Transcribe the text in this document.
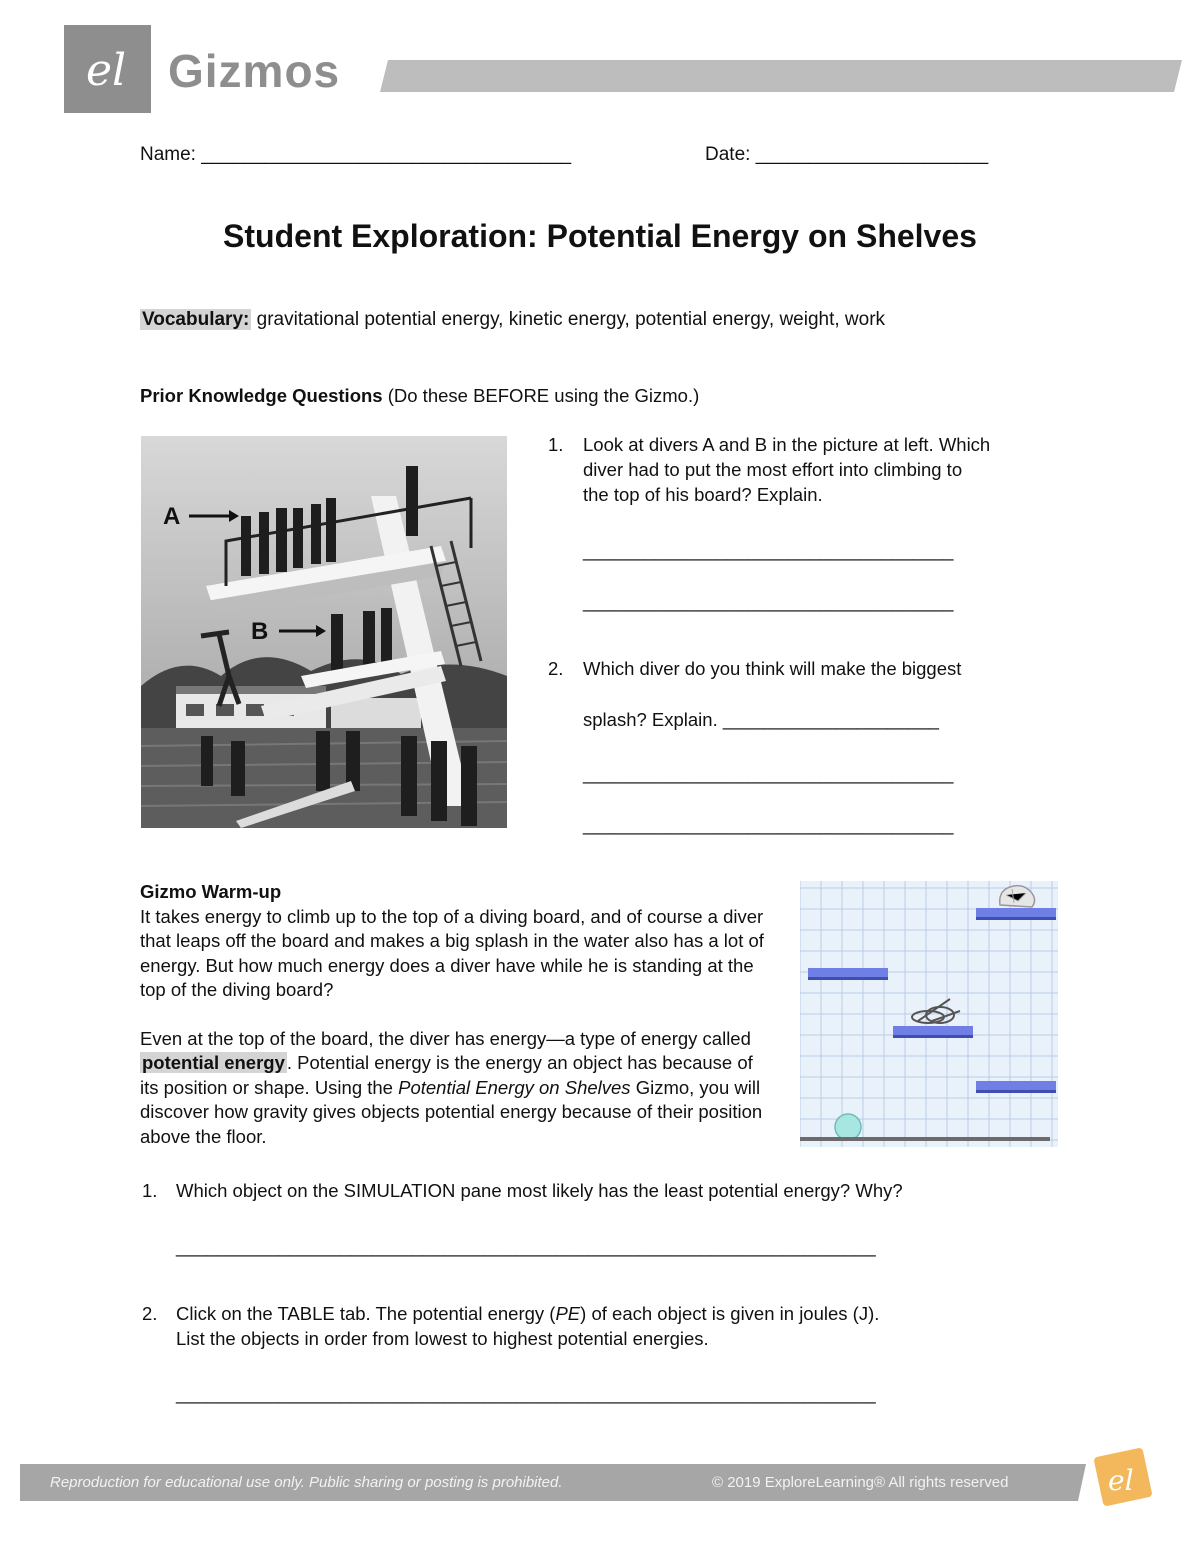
el Gizmos
Name: ___________________________________	Date: ______________________
Student Exploration: Potential Energy on Shelves
Vocabulary: gravitational potential energy, kinetic energy, potential energy, weight, work
Prior Knowledge Questions (Do these BEFORE using the Gizmo.)
A
B
1. Look at divers A and B in the picture at left. Which
diver had to put the most effort into climbing to
the top of his board? Explain.
____________________________________
____________________________________
2. Which diver do you think will make the biggest
splash? Explain. _____________________
____________________________________
____________________________________
Gizmo Warm-up

It takes energy to climb up to the top of a diving board, and of course a diver that leaps off the board and makes a big splash in the water also has a lot of energy. But how much energy does a diver have while he is standing at the top of the diving board?

Even at the top of the board, the diver has energy—a type of energy called potential energy . Potential energy is the energy an object has because of its position or shape. Using the Potential Energy on Shelves Gizmo, you will discover how gravity gives objects potential energy because of their position above the floor.

1. Which object on the SIMULATION pane most likely has the least potential energy? Why?
____________________________________________________________________
2. Click on the TABLE tab. The potential energy (PE) of each object is given in joules (J).
List the objects in order from lowest to highest potential energies.
____________________________________________________________________
Reproduction for educational use only. Public sharing or posting is prohibited.	© 2019 ExploreLearning® All rights reserved	el
